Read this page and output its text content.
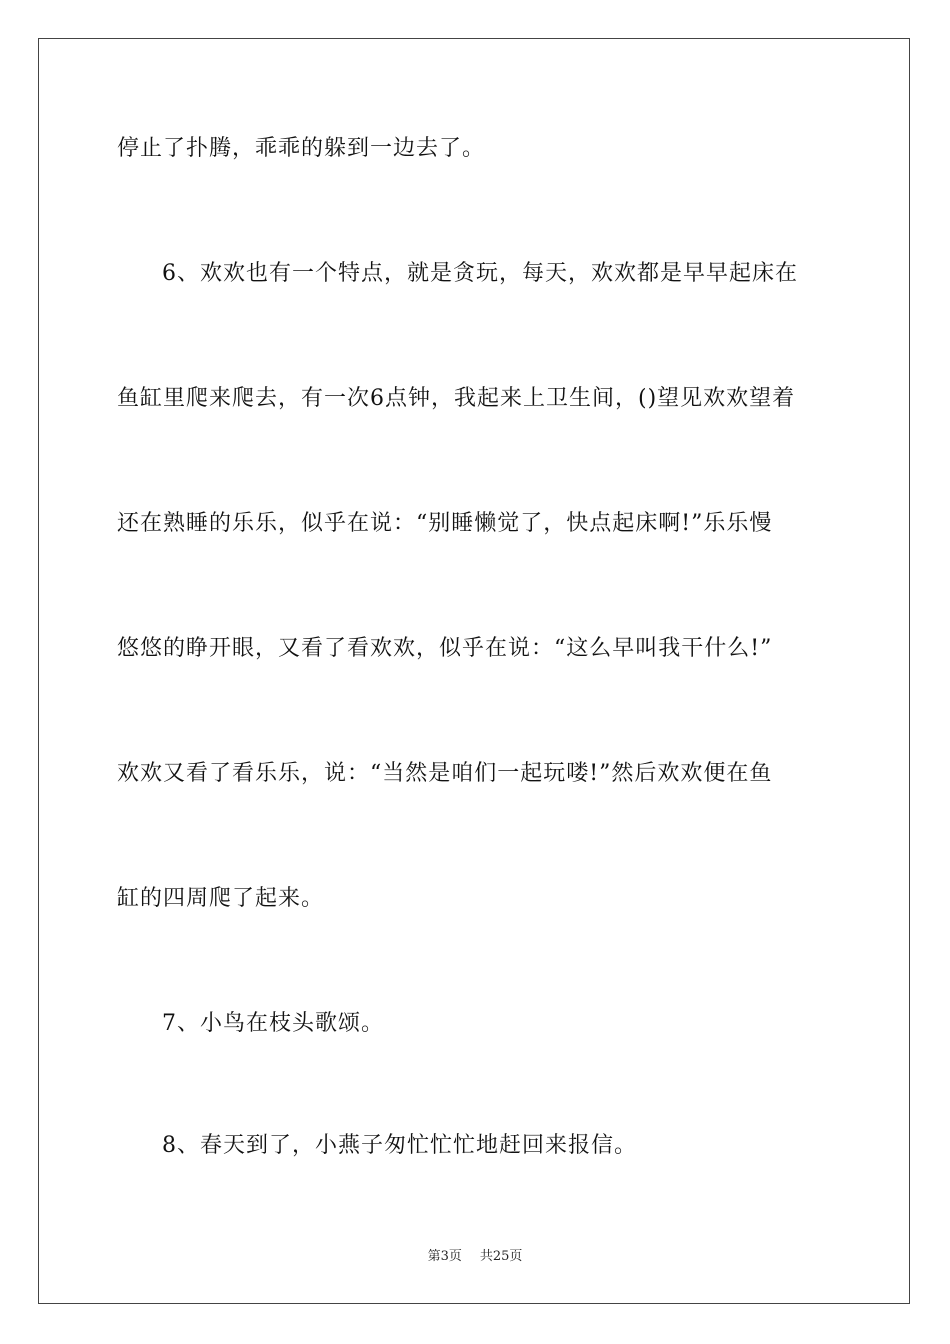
停止了扑腾，乖乖的躲到一边去了。
6、欢欢也有一个特点，就是贪玩，每天，欢欢都是早早起床在
鱼缸里爬来爬去，有一次6点钟，我起来上卫生间，()望见欢欢望着
还在熟睡的乐乐，似乎在说：“别睡懒觉了，快点起床啊!”乐乐慢
悠悠的睁开眼，又看了看欢欢，似乎在说：“这么早叫我干什么!”
欢欢又看了看乐乐，说：“当然是咱们一起玩喽!”然后欢欢便在鱼
缸的四周爬了起来。
7、小鸟在枝头歌颂。
8、春天到了，小燕子匆忙忙忙地赶回来报信。
第3页 共25页
